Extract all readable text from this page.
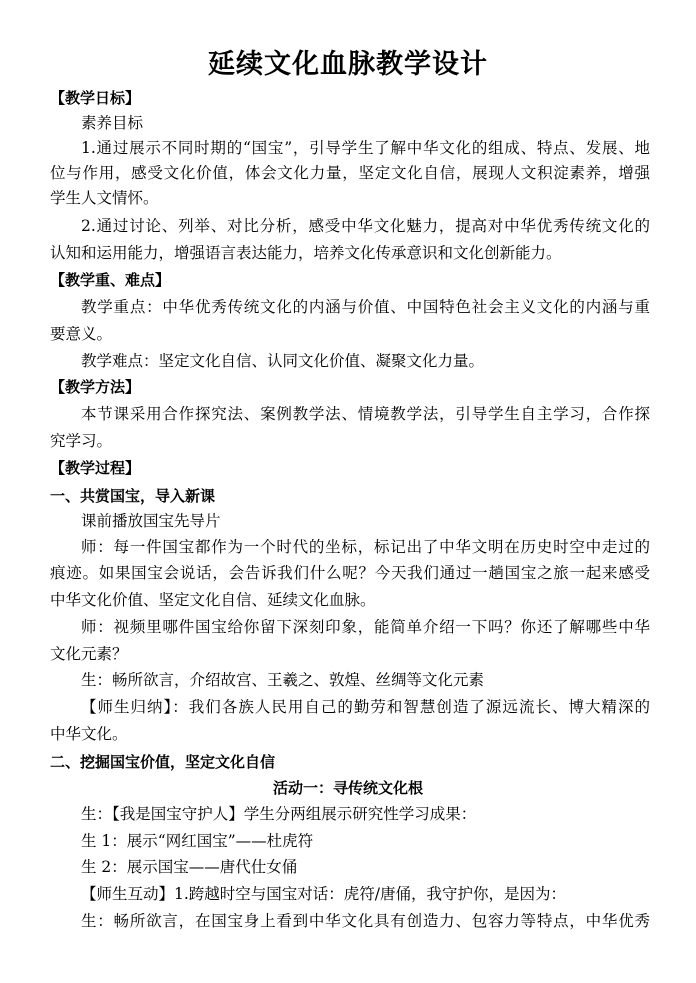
延续文化血脉教学设计

【教学日标】

素养目标

1.通过展示不同时期的“国宝”，引导学生了解中华文化的组成、特点、发展、地

位与作用，感受文化价值，体会文化力量，坚定文化自信，展现人文积淀素养，增强

学生人文情怀。

2.通过讨论、列举、对比分析，感受中华文化魅力，提高对中华优秀传统文化的

认知和运用能力，增强语言表达能力，培养文化传承意识和文化创新能力。

【教学重、难点】

教学重点：中华优秀传统文化的内涵与价值、中国特色社会主义文化的内涵与重

要意义。

教学难点：坚定文化自信、认同文化价值、凝聚文化力量。

【教学方法】

本节课采用合作探究法、案例教学法、情境教学法，引导学生自主学习，合作探

究学习。

【教学过程】

一、共赏国宝，导入新课

课前播放国宝先导片

师：每一件国宝都作为一个时代的坐标，标记出了中华文明在历史时空中走过的

痕迹。如果国宝会说话，会告诉我们什么呢？今天我们通过一趟国宝之旅一起来感受

中华文化价值、坚定文化自信、延续文化血脉。

师：视频里哪件国宝给你留下深刻印象，能简单介绍一下吗？你还了解哪些中华

文化元素？

生：畅所欲言，介绍故宫、王羲之、敦煌、丝绸等文化元素

【师生归纳】：我们各族人民用自己的勤劳和智慧创造了源远流长、博大精深的

中华文化。

二、挖掘国宝价值，坚定文化自信

活动一：寻传统文化根

生：【我是国宝守护人】学生分两组展示研究性学习成果：

生 1：展示“网红国宝”——杜虎符

生 2：展示国宝——唐代仕女俑

【师生互动】1.跨越时空与国宝对话：虎符/唐俑，我守护你，是因为：

生：畅所欲言，在国宝身上看到中华文化具有创造力、包容力等特点，中华优秀
